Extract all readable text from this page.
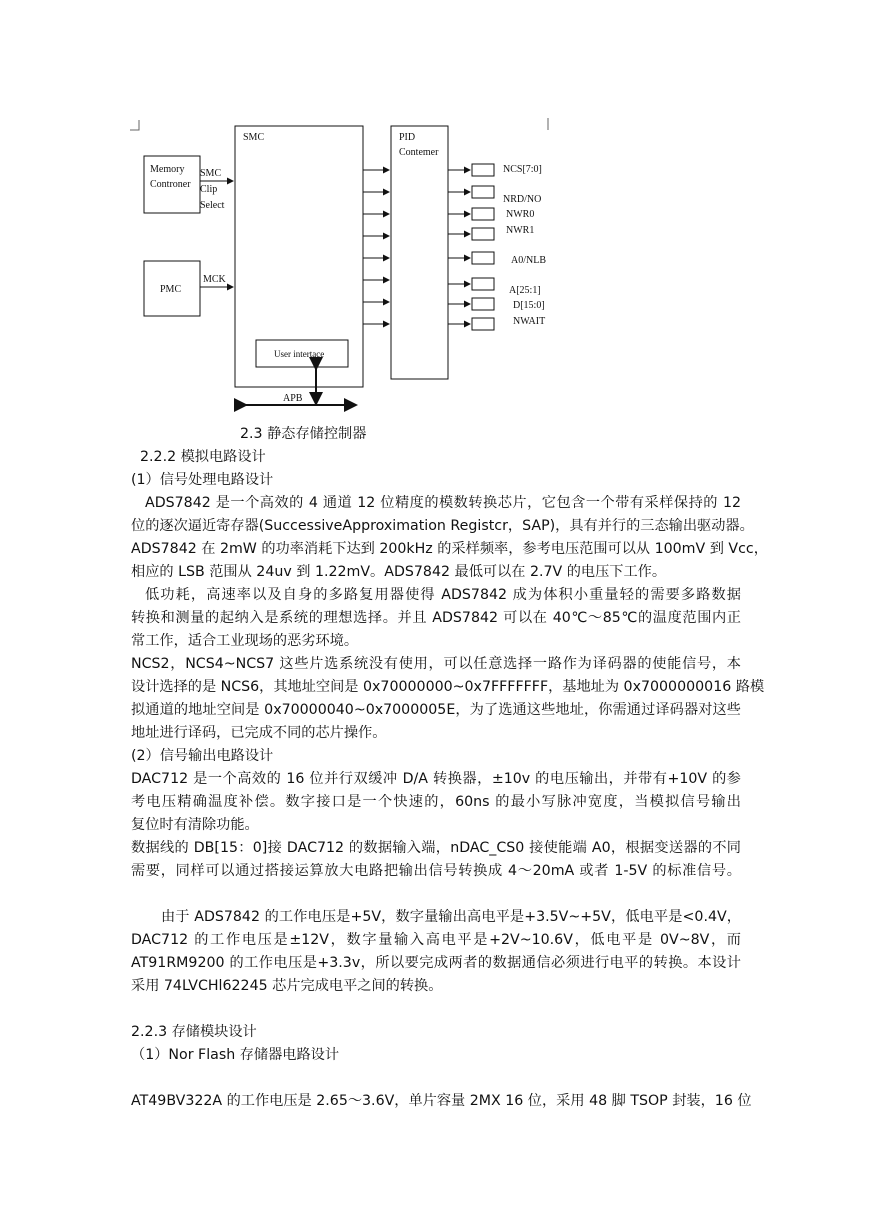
SMC	PID
Contemer
Memory
Controner
SMC
Clip
Select
PMC
MCK
User intertace
APB
NCS[7:0]
NRD/NO
NWR0
NWR1
A0/NLB
A[25:1]
D[15:0]
NWAIT
2.3 静态存储控制器
2.2.2 模拟电路设计
(1）信号处理电路设计
ADS7842 是一个高效的 4 通道 12 位精度的模数转换芯片，它包含一个带有采样保持的 12
位的逐次逼近寄存器(SuccessiveApproximation Registcr，SAP)，具有并行的三态输出驱动器。
ADS7842 在 2mW 的功率消耗下达到 200kHz 的采样频率，参考电压范围可以从 100mV 到 Vcc，
相应的 LSB 范围从 24uv 到 1.22mV。ADS7842 最低可以在 2.7V 的电压下工作。
低功耗，高速率以及自身的多路复用器使得 ADS7842 成为体积小重量轻的需要多路数据
转换和测量的起纳入是系统的理想选择。并且 ADS7842 可以在 40℃～85℃的温度范围内正
常工作，适合工业现场的恶劣环境。
NCS2，NCS4~NCS7 这些片选系统没有使用，可以任意选择一路作为译码器的使能信号，本
设计选择的是 NCS6，其地址空间是 0x70000000~0x7FFFFFFF，基地址为 0x7000000016 路模
拟通道的地址空间是 0x70000040~0x7000005E，为了选通这些地址，你需通过译码器对这些
地址进行译码，已完成不同的芯片操作。
(2）信号输出电路设计
DAC712 是一个高效的 16 位并行双缓冲 D/A 转换器，±10v 的电压输出，并带有+10V 的参
考电压精确温度补偿。数字接口是一个快速的，60ns 的最小写脉冲宽度，当模拟信号输出
复位时有清除功能。
数据线的 DB[15：0]接 DAC712 的数据输入端，nDAC_CS0 接使能端 A0，根据变送器的不同
需要，同样可以通过搭接运算放大电路把输出信号转换成 4～20mA 或者 1-5V 的标准信号。
由于 ADS7842 的工作电压是+5V，数字量输出高电平是+3.5V~+5V，低电平是<0.4V，
DAC712 的工作电压是±12V，数字量输入高电平是+2V~10.6V，低电平是 0V~8V，而
AT91RM9200 的工作电压是+3.3v，所以要完成两者的数据通信必须进行电平的转换。本设计
采用 74LVCHl62245 芯片完成电平之间的转换。
2.2.3 存储模块设计
（1）Nor Flash 存储器电路设计
AT49BV322A 的工作电压是 2.65～3.6V，单片容量 2MX 16 位，采用 48 脚 TSOP 封装，16 位
